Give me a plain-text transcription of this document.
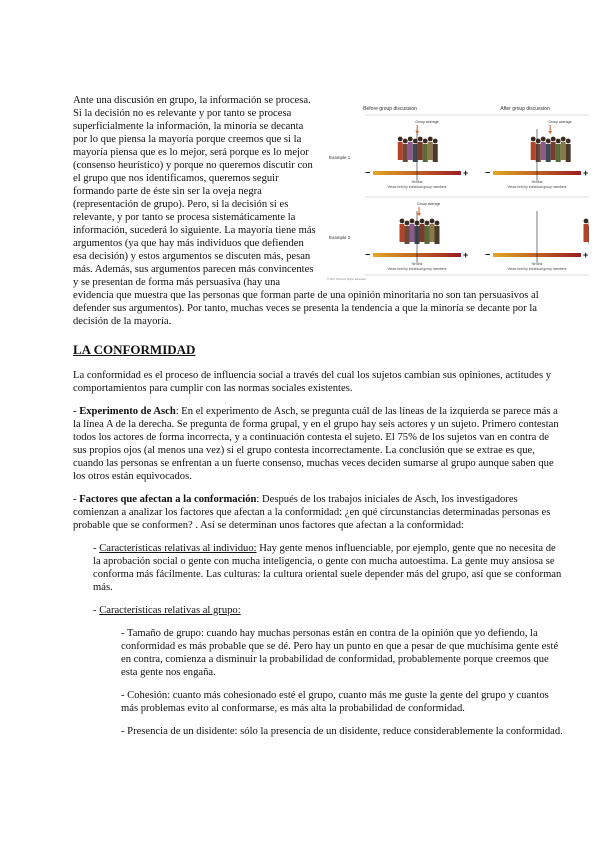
Before group discussion	After group discussion
Example 1
Example 2
−	+
Group average
Neutral
Views held by individual group members
−	+
Group average
Neutral
Views held by individual group members
−	+
Group average
Neutral
Views held by individual group members
−	+
Neutral
Views held by individual group members
© 2007 Thomson Higher Education

Ante una discusión en grupo, la información se procesa. Si la decisión no es relevante y por tanto se procesa superficialmente la información, la minoría se decanta por lo que piensa la mayoría porque creemos que si la mayoría piensa que es lo mejor, será porque es lo mejor (consenso heurístico) y porque no queremos discutir con el grupo que nos identificamos, queremos seguir formando parte de éste sin ser la oveja negra (representación de grupo). Pero, si la decisión si es relevante, y por tanto se procesa sistemáticamente la información, sucederá lo siguiente. La mayoría tiene más argumentos (ya que hay más individuos que defienden esa decisión) y estos argumentos se discuten más, pesan más. Además, sus argumentos parecen más convincentes y se presentan de forma más persuasiva (hay una evidencia que muestra que las personas que forman parte de una opinión minoritaria no son tan persuasivos al defender sus argumentos). Por tanto, muchas veces se presenta la tendencia a que la minoría se decante por la decisión de la mayoría.

LA CONFORMIDAD

La conformidad es el proceso de influencia social a través del cual los sujetos cambian sus opiniones, actitudes y comportamientos para cumplir con las normas sociales existentes.

- Experimento de Asch: En el experimento de Asch, se pregunta cuál de las líneas de la izquierda se parece más a la línea A de la derecha. Se pregunta de forma grupal, y en el grupo hay seis actores y un sujeto. Primero contestan todos los actores de forma incorrecta, y a continuación contesta el sujeto. El 75% de los sujetos van en contra de sus propios ojos (al menos una vez) si el grupo contesta incorrectamente. La conclusión que se extrae es que, cuando las personas se enfrentan a un fuerte consenso, muchas veces deciden sumarse al grupo aunque saben que los otros están equivocados.

- Factores que afectan a la conformación: Después de los trabajos iniciales de Asch, los investigadores comienzan a analizar los factores que afectan a la conformidad: ¿en qué circunstancias determinadas personas es probable que se conformen? . Así se determinan unos factores que afectan a la conformidad:

- Características relativas al individuo: Hay gente menos influenciable, por ejemplo, gente que no necesita de la aprobación social o gente con mucha inteligencia, o gente con mucha autoestima. La gente muy ansiosa se conforma más fácilmente. Las culturas: la cultura oriental suele depender más del grupo, así que se conforman más.

- Características relativas al grupo:

- Tamaño de grupo: cuando hay muchas personas están en contra de la opinión que yo defiendo, la conformidad es más probable que se dé. Pero hay un punto en que a pesar de que muchísima gente esté en contra, comienza a disminuir la probabilidad de conformidad, probablemente porque creemos que esta gente nos engaña.

- Cohesión: cuanto más cohesionado esté el grupo, cuanto más me guste la gente del grupo y cuantos más problemas evito al conformarse, es más alta la probabilidad de conformidad.

- Presencia de un disidente: sólo la presencia de un disidente, reduce considerablemente la conformidad.
